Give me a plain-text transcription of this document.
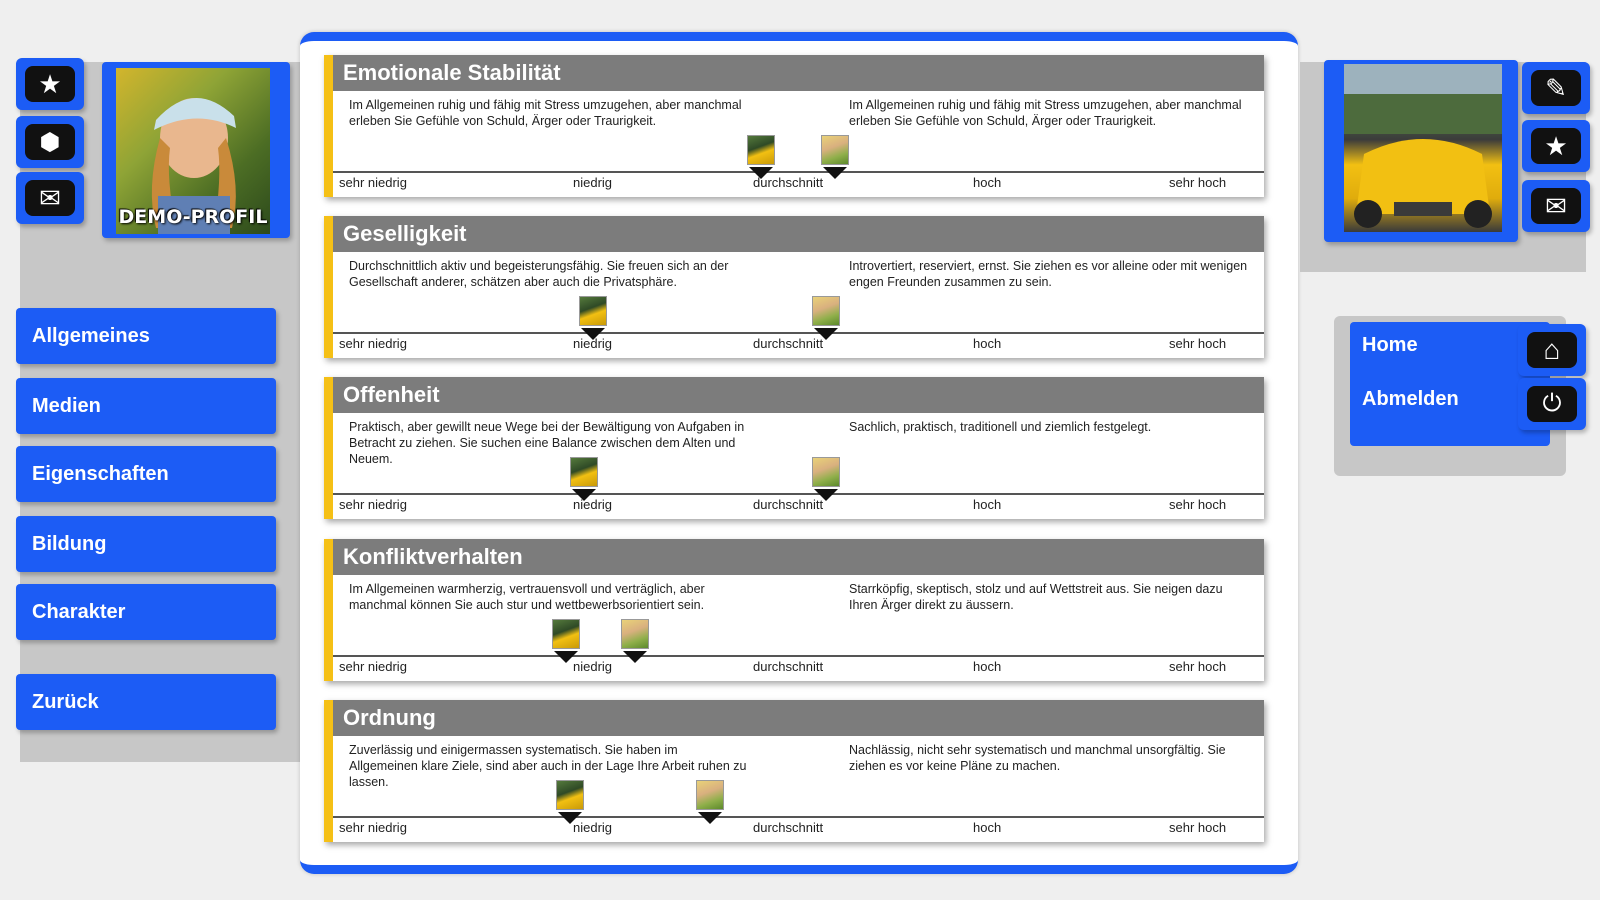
★
⬢
✉
DEMO-PROFIL
Allgemeines
Medien
Eigenschaften
Bildung
Charakter
Zurück
Emotionale Stabilität
Im Allgemeinen ruhig und fähig mit Stress umzugehen, aber manchmal erleben Sie Gefühle von Schuld, Ärger oder Traurigkeit.
Im Allgemeinen ruhig und fähig mit Stress umzugehen, aber manchmal erleben Sie Gefühle von Schuld, Ärger oder Traurigkeit.
sehr niedrig	niedrig	durchschnitt	hoch	sehr hoch
Geselligkeit
Durchschnittlich aktiv und begeisterungsfähig. Sie freuen sich an der Gesellschaft anderer, schätzen aber auch die Privatsphäre.
Introvertiert, reserviert, ernst. Sie ziehen es vor alleine oder mit wenigen engen Freunden zusammen zu sein.
sehr niedrig	niedrig	durchschnitt	hoch	sehr hoch
Offenheit
Praktisch, aber gewillt neue Wege bei der Bewältigung von Aufgaben in Betracht zu ziehen. Sie suchen eine Balance zwischen dem Alten und Neuem.
Sachlich, praktisch, traditionell und ziemlich festgelegt.
sehr niedrig	niedrig	durchschnitt	hoch	sehr hoch
Konfliktverhalten
Im Allgemeinen warmherzig, vertrauensvoll und verträglich, aber manchmal können Sie auch stur und wettbewerbsorientiert sein.
Starrköpfig, skeptisch, stolz und auf Wettstreit aus. Sie neigen dazu Ihren Ärger direkt zu äussern.
sehr niedrig	niedrig	durchschnitt	hoch	sehr hoch
Ordnung
Zuverlässig und einigermassen systematisch. Sie haben im Allgemeinen klare Ziele, sind aber auch in der Lage Ihre Arbeit ruhen zu lassen.
Nachlässig, nicht sehr systematisch und manchmal unsorgfältig. Sie ziehen es vor keine Pläne zu machen.
sehr niedrig	niedrig	durchschnitt	hoch	sehr hoch
✎
★
✉
Home
Abmelden
⌂
⏻
